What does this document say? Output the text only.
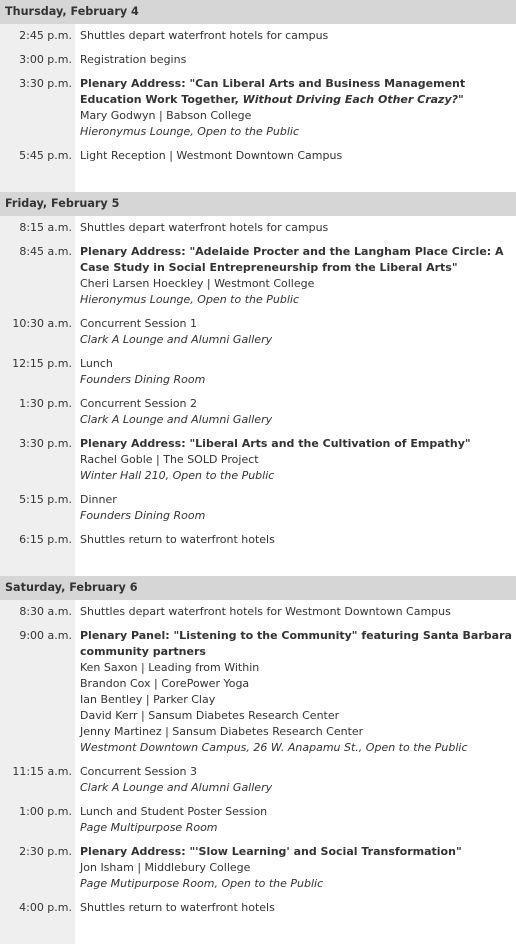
Thursday, February 4
2:45 p.m. Shuttles depart waterfront hotels for campus
3:00 p.m. Registration begins
3:30 p.m. Plenary Address: "Can Liberal Arts and Business Management Education Work Together, Without Driving Each Other Crazy?"
Mary Godwyn | Babson College
Hieronymus Lounge, Open to the Public
5:45 p.m. Light Reception | Westmont Downtown Campus
Friday, February 5
8:15 a.m. Shuttles depart waterfront hotels for campus
8:45 a.m. Plenary Address: "Adelaide Procter and the Langham Place Circle: A Case Study in Social Entrepreneurship from the Liberal Arts"
Cheri Larsen Hoeckley | Westmont College
Hieronymus Lounge, Open to the Public
10:30 a.m. Concurrent Session 1
Clark A Lounge and Alumni Gallery
12:15 p.m. Lunch
Founders Dining Room
1:30 p.m. Concurrent Session 2
Clark A Lounge and Alumni Gallery
3:30 p.m. Plenary Address: "Liberal Arts and the Cultivation of Empathy"
Rachel Goble | The SOLD Project
Winter Hall 210, Open to the Public
5:15 p.m. Dinner
Founders Dining Room
6:15 p.m. Shuttles return to waterfront hotels
Saturday, February 6
8:30 a.m. Shuttles depart waterfront hotels for Westmont Downtown Campus
9:00 a.m. Plenary Panel: "Listening to the Community" featuring Santa Barbara community partners
Ken Saxon | Leading from Within
Brandon Cox | CorePower Yoga
Ian Bentley | Parker Clay
David Kerr | Sansum Diabetes Research Center
Jenny Martinez | Sansum Diabetes Research Center
Westmont Downtown Campus, 26 W. Anapamu St., Open to the Public
11:15 a.m. Concurrent Session 3
Clark A Lounge and Alumni Gallery
1:00 p.m. Lunch and Student Poster Session
Page Multipurpose Room
2:30 p.m. Plenary Address: "'Slow Learning' and Social Transformation"
Jon Isham | Middlebury College
Page Mutipurpose Room, Open to the Public
4:00 p.m. Shuttles return to waterfront hotels
